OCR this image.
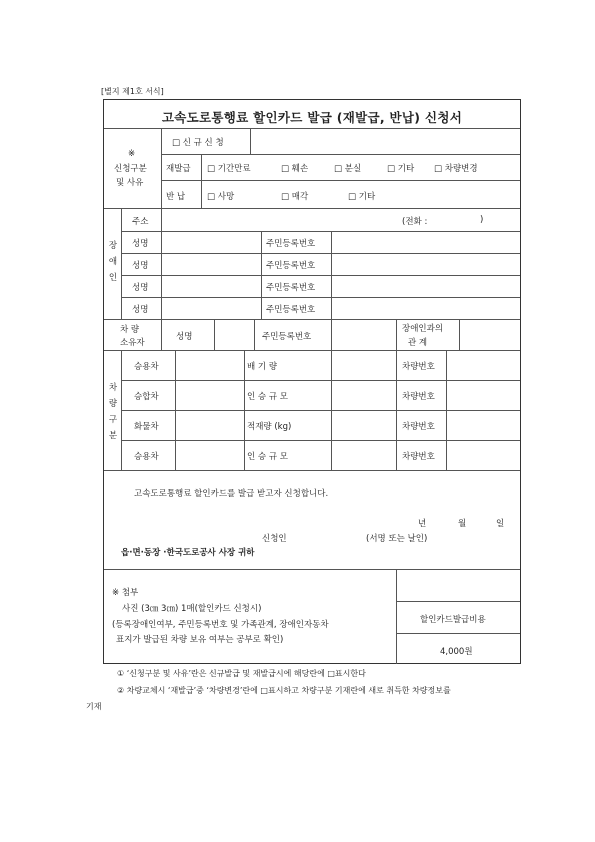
[별지 제1호 서식]
고속도로통행료 할인카드 발급 (재발급, 반납) 신청서
※
신청구분
및 사유
□ 신 규 신 청
재발급 □ 기간만료	□ 훼손	□ 분실	□ 기타 □ 차량변경
반 납	□ 사망	□ 매각	□ 기타
장
애
인
주소	(전화 :	)
성명	주민등록번호
성명	주민등록번호
성명	주민등록번호
성명	주민등록번호
차 량
소유자
성명	주민등록번호
장애인과의
관 계
차
량
구
분
승용차	배 기 량	차량번호
승합차	인 승 규 모	차량번호
화물차	적재량 (kg)	차량번호
승용차	인 승 규 모	차량번호
고속도로통행료 할인카드를 발급 받고자 신청합니다.
년	월	일
신청인	(서명 또는 날인)
읍·면·동장 ·한국도로공사 사장 귀하
※ 첨부
사진 (3㎝ 3㎝) 1매(할인카드 신청시)
(등록장애인여부, 주민등록번호 및 가족관계, 장애인자동차
표지가 발급된 차량 보유 여부는 공부로 확인)
할인카드발급비용
4,000원
① ‘신청구분 및 사유’란은 신규발급 및 재발급시에 해당란에 □표시한다
② 차량교체시 ‘재발급’중 ‘차량변경’란에 □표시하고 차량구분 기재란에 새로 취득한 차량정보를
기재
